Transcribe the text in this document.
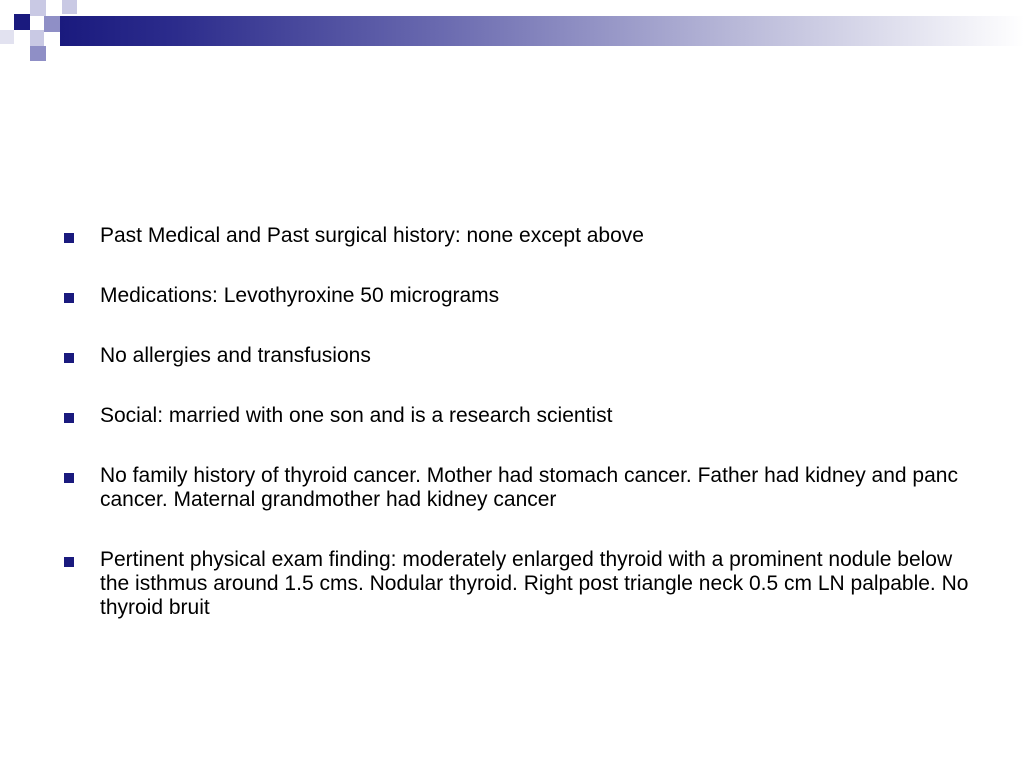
Past Medical and Past surgical history: none except above
Medications: Levothyroxine 50 micrograms
No allergies and transfusions
Social: married with one son and is a research scientist
No family history of thyroid cancer. Mother had stomach cancer. Father had kidney and panc cancer. Maternal grandmother had kidney cancer
Pertinent physical exam finding: moderately enlarged thyroid with a prominent nodule below the isthmus around 1.5 cms. Nodular thyroid. Right post triangle neck 0.5 cm LN palpable. No thyroid bruit
